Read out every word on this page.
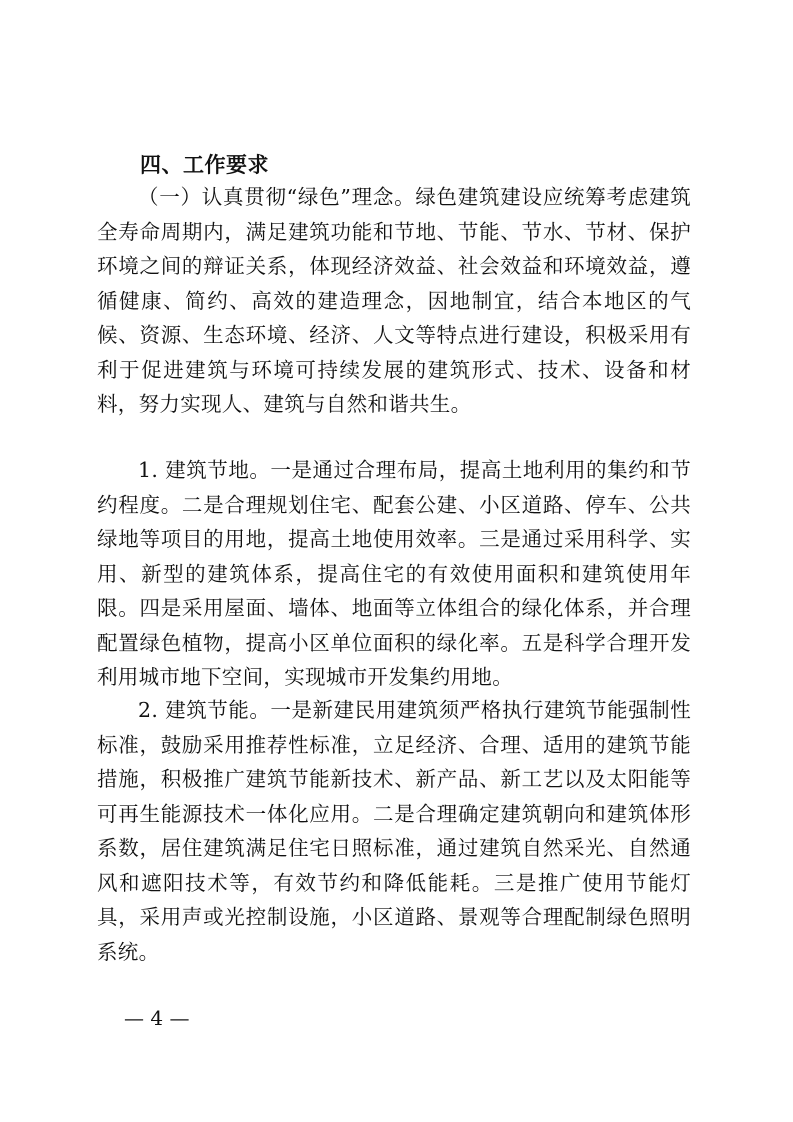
四、工作要求

（一）认真贯彻“绿色”理念。绿色建筑建设应统筹考虑建筑全寿命周期内，满足建筑功能和节地、节能、节水、节材、保护环境之间的辩证关系，体现经济效益、社会效益和环境效益，遵循健康、简约、高效的建造理念，因地制宜，结合本地区的气候、资源、生态环境、经济、人文等特点进行建设，积极采用有利于促进建筑与环境可持续发展的建筑形式、技术、设备和材料，努力实现人、建筑与自然和谐共生。

1. 建筑节地。一是通过合理布局，提高土地利用的集约和节约程度。二是合理规划住宅、配套公建、小区道路、停车、公共绿地等项目的用地，提高土地使用效率。三是通过采用科学、实用、新型的建筑体系，提高住宅的有效使用面积和建筑使用年限。四是采用屋面、墙体、地面等立体组合的绿化体系，并合理配置绿色植物，提高小区单位面积的绿化率。五是科学合理开发利用城市地下空间，实现城市开发集约用地。

2. 建筑节能。一是新建民用建筑须严格执行建筑节能强制性标准，鼓励采用推荐性标准，立足经济、合理、适用的建筑节能措施，积极推广建筑节能新技术、新产品、新工艺以及太阳能等可再生能源技术一体化应用。二是合理确定建筑朝向和建筑体形系数，居住建筑满足住宅日照标准，通过建筑自然采光、自然通风和遮阳技术等，有效节约和降低能耗。三是推广使用节能灯具，采用声或光控制设施，小区道路、景观等合理配制绿色照明系统。

— 4 —
